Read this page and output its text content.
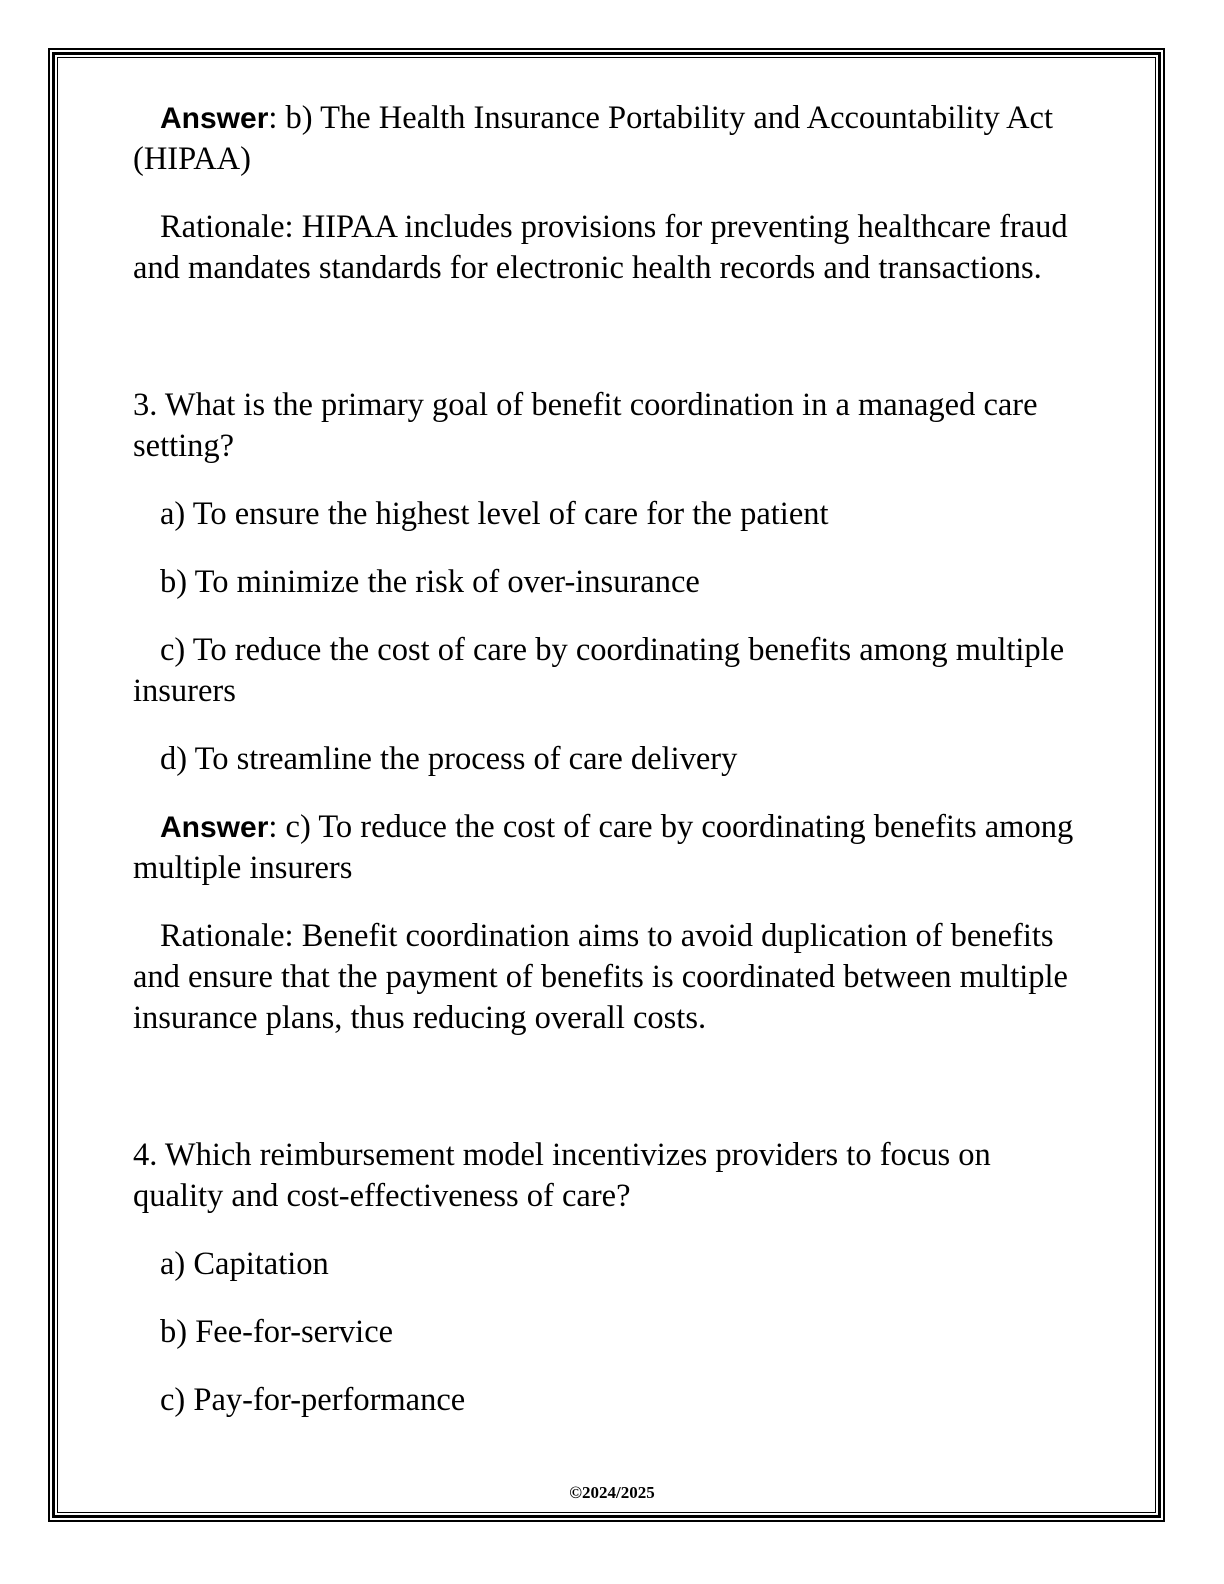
Answer: b) The Health Insurance Portability and Accountability Act (HIPAA)

Rationale: HIPAA includes provisions for preventing healthcare fraud and mandates standards for electronic health records and transactions.

3. What is the primary goal of benefit coordination in a managed care setting?

a) To ensure the highest level of care for the patient

b) To minimize the risk of over-insurance

c) To reduce the cost of care by coordinating benefits among multiple insurers

d) To streamline the process of care delivery

Answer: c) To reduce the cost of care by coordinating benefits among multiple insurers

Rationale: Benefit coordination aims to avoid duplication of benefits and ensure that the payment of benefits is coordinated between multiple insurance plans, thus reducing overall costs.

4. Which reimbursement model incentivizes providers to focus on quality and cost-effectiveness of care?

a) Capitation

b) Fee-for-service

c) Pay-for-performance

©2024/2025
